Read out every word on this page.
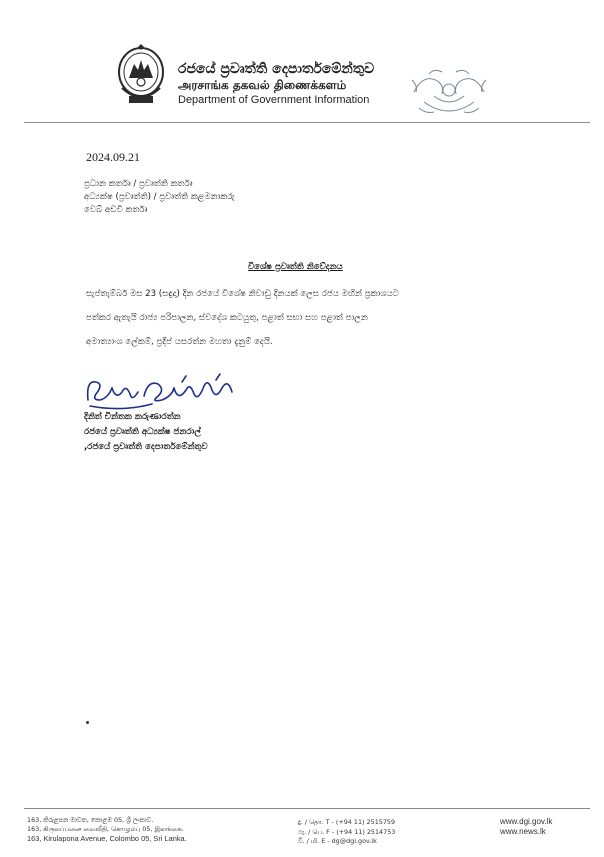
රජයේ ප්‍රවෘත්ති දෙපාර්තමේන්තුව
அரசாங்க தகவல் திணைக்களம்
Department of Government Information
2024.09.21
ප්‍රධාන කර්තෘ / ප්‍රවෘත්ති කර්තෘ
අධ්‍යක්ෂ (ප්‍රවෘත්ති) / ප්‍රවෘත්ති කළමනාකරු
වෙබ් අඩවි කර්තෘ
විශේෂ ප්‍රවෘත්ති නිවේදනය
සැප්තැම්බර් මස 23 (සඳුදා) දින රජයේ විශේෂ නිවාඩු දිනයක් ලෙස රජය මඟින් ප්‍රකාශයට
පත්කර ඇතැයි රාජ්‍ය පරිපාලන, ස්වදේශ කටයුතු, පළාත් සභා සහ පළාත් පාලන
අමාත්‍යාංශ ලේකම්, ප්‍රදීප් යසරත්න මහතා දැනුම් දෙයි.
දිනිත් චින්තක කරුණාරත්න
රජයේ ප්‍රවෘත්ති අධ්‍යක්ෂ ජනරාල්
,රජයේ ප්‍රවෘත්ති දෙපාර්තමේන්තුව
163, කිරුළපන මාවත, කොළඹ 05, ශ්‍රී ලංකාව.
163, கிருலப்பனை வைவீதி, கொழும்பு 05, இலங்கை.
163, Kirulapona Avenue, Colombo 05, Sri Lanka.
දු. / தொ. T - (+94 11) 2515759
ෆැ. / பெ. F - (+94 11) 2514753
වි. / மி. E - dg@dgi.gov.lk
www.dgi.gov.lk
www.news.lk
